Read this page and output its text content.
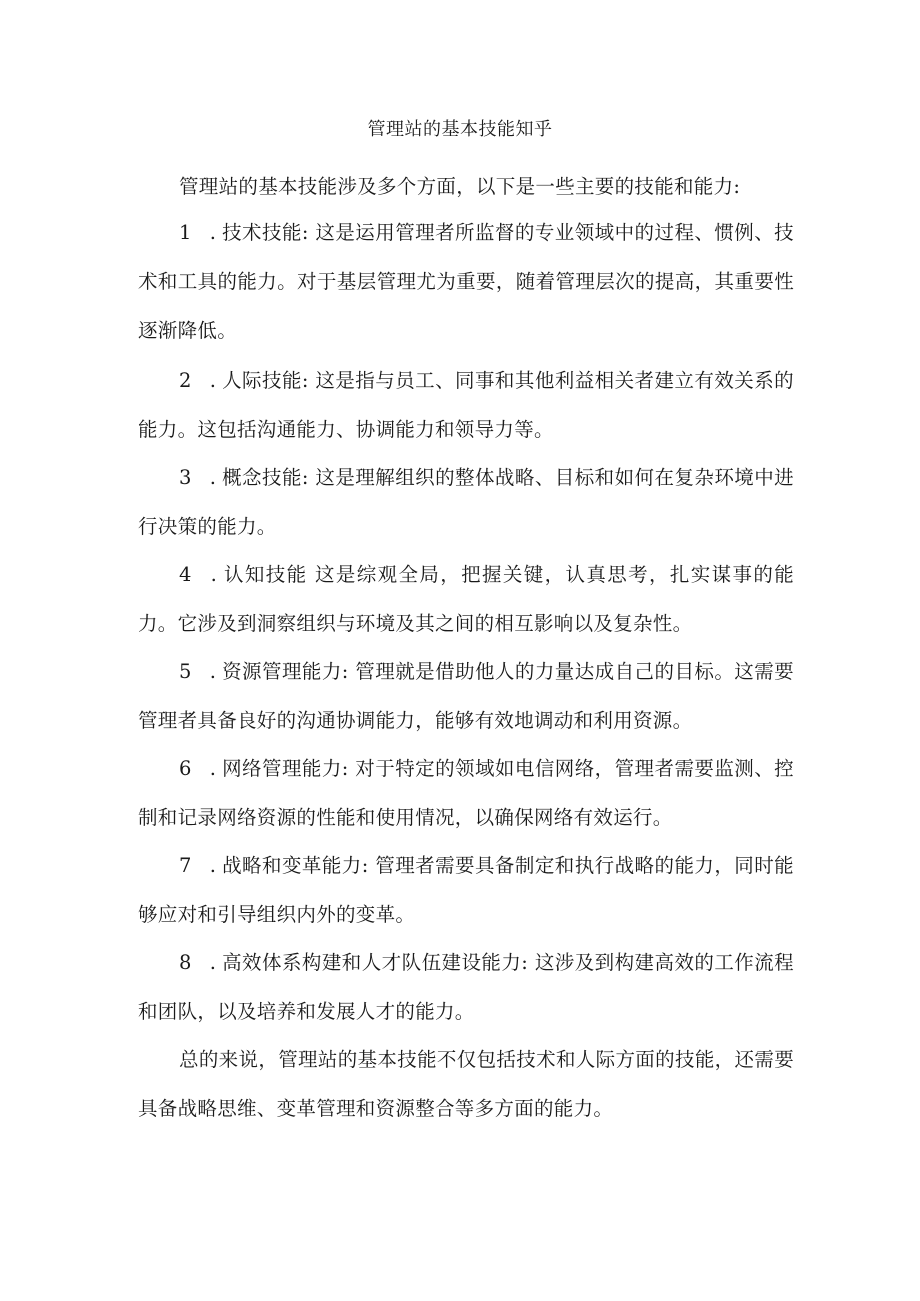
管理站的基本技能知乎

管理站的基本技能涉及多个方面，以下是一些主要的技能和能力:

1 .技术技能: 这是运用管理者所监督的专业领域中的过程、惯例、技术和工具的能力。对于基层管理尤为重要，随着管理层次的提高，其重要性逐渐降低。

2 .人际技能: 这是指与员工、同事和其他利益相关者建立有效关系的能力。这包括沟通能力、协调能力和领导力等。

3 .概念技能: 这是理解组织的整体战略、目标和如何在复杂环境中进行决策的能力。

4 .认知技能 这是综观全局，把握关键，认真思考，扎实谋事的能力。它涉及到洞察组织与环境及其之间的相互影响以及复杂性。

5 .资源管理能力: 管理就是借助他人的力量达成自己的目标。这需要管理者具备良好的沟通协调能力，能够有效地调动和利用资源。

6 .网络管理能力: 对于特定的领域如电信网络，管理者需要监测、控制和记录网络资源的性能和使用情况，以确保网络有效运行。

7 .战略和变革能力: 管理者需要具备制定和执行战略的能力，同时能够应对和引导组织内外的变革。

8 .高效体系构建和人才队伍建设能力: 这涉及到构建高效的工作流程和团队，以及培养和发展人才的能力。

总的来说，管理站的基本技能不仅包括技术和人际方面的技能，还需要具备战略思维、变革管理和资源整合等多方面的能力。
